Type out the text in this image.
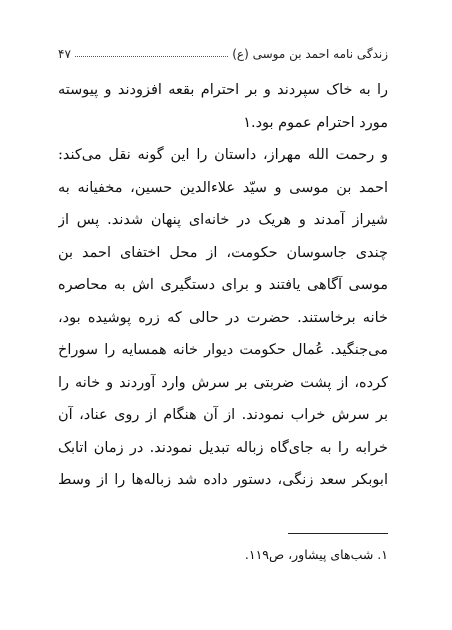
زندگی نامه احمد بن موسی (ع)
۴۷
را به خاک سپردند و بر احترام بقعه افزودند و پیوسته
مورد احترام عموم بود.۱
و رحمت الله مهراز، داستان را این گونه نقل می‌کند:
احمد بن موسی و سیّد علاءالدین حسین، مخفیانه به
شیراز آمدند و هریک در خانه‌ای پنهان شدند. پس از
چندی جاسوسان حکومت، از محل اختفای احمد بن
موسی آگاهی یافتند و برای دستگیری اش به محاصره
خانه برخاستند. حضرت در حالی که زره پوشیده بود،
می‌جنگید. عُمال حکومت دیوار خانه همسایه را سوراخ
کرده، از پشت ضربتی بر سرش وارد آوردند و خانه را
بر سرش خراب نمودند. از آن هنگام از روی عناد، آن
خرابه را به جای‌گاه زباله تبدیل نمودند. در زمان اتابک
ابوبکر سعد زنگی، دستور داده شد زباله‌ها را از وسط
۱. شب‌های پیشاور، ص۱۱۹.
